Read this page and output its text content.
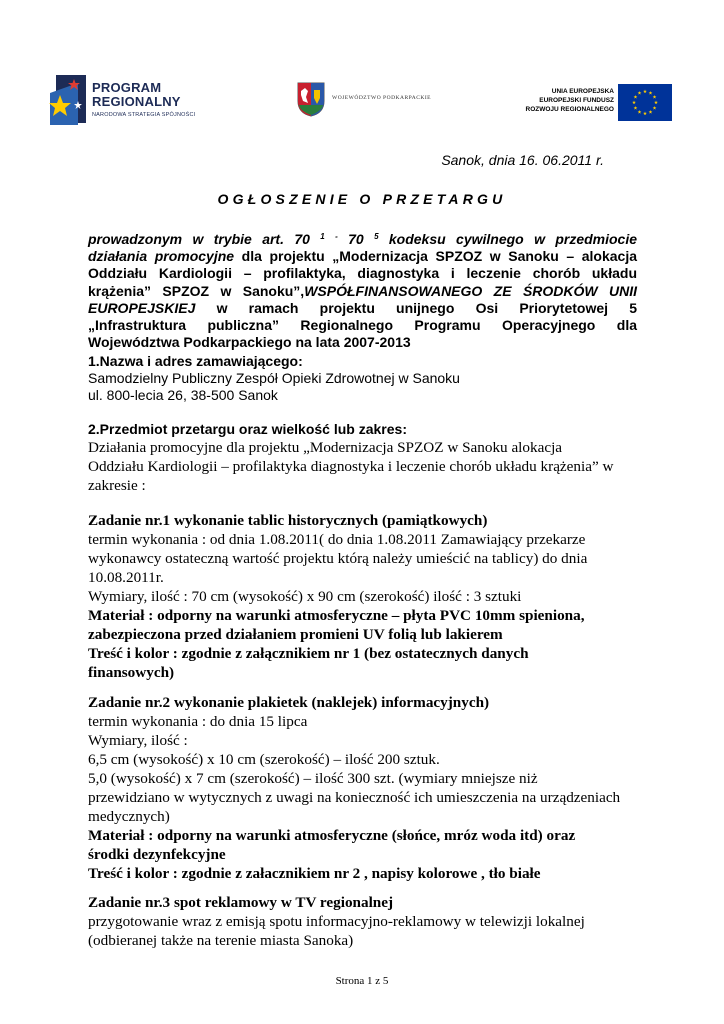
PROGRAM
REGIONALNY
NARODOWA STRATEGIA SPÓJNOŚCI
WOJEWÓDZTWO PODKARPACKIE
UNIA EUROPEJSKA
EUROPEJSKI FUNDUSZ
ROZWOJU REGIONALNEGO
Sanok, dnia 16. 06.2011 r.
OGŁOSZENIE O PRZETARGU

prowadzonym w trybie art. 70 $^1$ - 70 $^5$ kodeksu cywilnego w przedmiocie

działania promocyjne dla projektu „Modernizacja SPZOZ w Sanoku – alokacja

Oddziału Kardiologii – profilaktyka, diagnostyka i leczenie chorób układu

krążenia” SPZOZ w Sanoku”,WSPÓŁFINANSOWANEGO ZE ŚRODKÓW UNII

EUROPEJSKIEJ w ramach projektu unijnego Osi Priorytetowej 5

„Infrastruktura publiczna” Regionalnego Programu Operacyjnego dla

Województwa Podkarpackiego na lata 2007-2013

1.Nazwa i adres zamawiającego:
Samodzielny Publiczny Zespół Opieki Zdrowotnej w Sanoku
ul. 800-lecia 26, 38-500 Sanok
2.Przedmiot przetargu oraz wielkość lub zakres:
Działania promocyjne dla projektu „Modernizacja SPZOZ w Sanoku alokacja
Oddziału Kardiologii – profilaktyka diagnostyka i leczenie chorób układu krążenia” w
zakresie :
Zadanie nr.1 wykonanie tablic historycznych (pamiątkowych)
termin wykonania : od dnia 1.08.2011( do dnia 1.08.2011 Zamawiający przekarze
wykonawcy ostateczną wartość projektu którą należy umieścić na tablicy) do dnia
10.08.2011r.
Wymiary, ilość : 70 cm (wysokość) x 90 cm (szerokość) ilość : 3 sztuki
Materiał : odporny na warunki atmosferyczne – płyta PVC 10mm spieniona,
zabezpieczona przed działaniem promieni UV folią lub lakierem
Treść i kolor : zgodnie z załącznikiem nr 1 (bez ostatecznych danych
finansowych)
Zadanie nr.2 wykonanie plakietek (naklejek) informacyjnych)
termin wykonania : do dnia 15 lipca
Wymiary, ilość :
6,5 cm (wysokość) x 10 cm (szerokość) – ilość 200 sztuk.
5,0 (wysokość) x 7 cm (szerokość) – ilość 300 szt. (wymiary mniejsze niż
przewidziano w wytycznych z uwagi na konieczność ich umieszczenia na urządzeniach
medycznych)
Materiał : odporny na warunki atmosferyczne (słońce, mróz woda itd) oraz
środki dezynfekcyjne
Treść i kolor : zgodnie z załacznikiem nr 2 , napisy kolorowe , tło białe
Zadanie nr.3 spot reklamowy w TV regionalnej
przygotowanie wraz z emisją spotu informacyjno-reklamowy w telewizji lokalnej
(odbieranej także na terenie miasta Sanoka)
Strona 1 z 5
